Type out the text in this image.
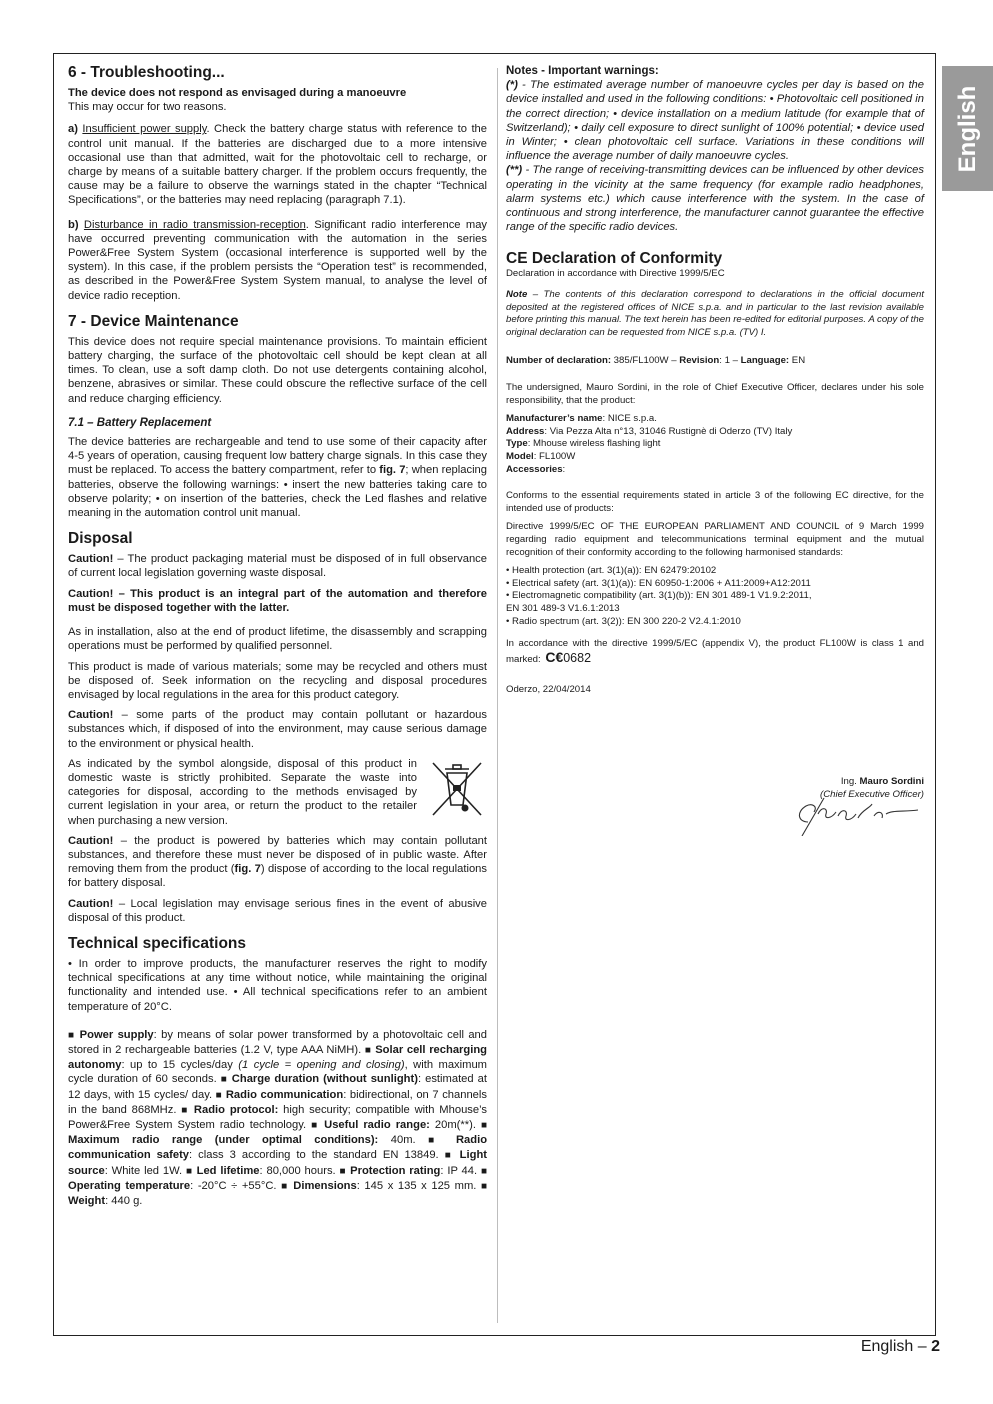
English
6 - Troubleshooting...

The device does not respond as envisaged during a manoeuvre
This may occur for two reasons.

a) Insufficient power supply. Check the battery charge status with reference to the control unit manual. If the batteries are discharged due to a more intensive occasional use than that admitted, wait for the photovoltaic cell to recharge, or charge by means of a suitable battery charger. If the problem occurs frequently, the cause may be a failure to observe the warnings stated in the chapter “Technical Specifications”, or the batteries may need replacing (paragraph 7.1).

b) Disturbance in radio transmission-reception. Significant radio interference may have occurred preventing communication with the automation in the series Power&Free System System (occasional interference is supported well by the system). In this case, if the problem persists the “Operation test” is recommended, as described in the Power&Free System System manual, to analyse the level of device radio reception.

7 - Device Maintenance

This device does not require special maintenance provisions. To maintain efficient battery charging, the surface of the photovoltaic cell should be kept clean at all times. To clean, use a soft damp cloth. Do not use detergents containing alcohol, benzene, abrasives or similar. These could obscure the reflective surface of the cell and reduce charging efficiency.

7.1 – Battery Replacement

The device batteries are rechargeable and tend to use some of their capacity after 4-5 years of operation, causing frequent low battery charge signals. In this case they must be replaced. To access the battery compartment, refer to fig. 7; when replacing batteries, observe the following warnings: • insert the new batteries taking care to observe polarity; • on insertion of the batteries, check the Led flashes and relative meaning in the automation control unit manual.

Disposal

Caution! – The product packaging material must be disposed of in full observance of current local legislation governing waste disposal.

Caution! – This product is an integral part of the automation and therefore must be disposed together with the latter.

As in installation, also at the end of product lifetime, the disassembly and scrapping operations must be performed by qualified personnel.

This product is made of various materials; some may be recycled and others must be disposed of. Seek information on the recycling and disposal procedures envisaged by local regulations in the area for this product category.

Caution! – some parts of the product may contain pollutant or hazardous substances which, if disposed of into the environment, may cause serious damage to the environment or physical health.

As indicated by the symbol alongside, disposal of this product in domestic waste is strictly prohibited. Separate the waste into categories for disposal, according to the methods envisaged by current legislation in your area, or return the product to the retailer when purchasing a new version.

Caution! – the product is powered by batteries which may contain pollutant substances, and therefore these must never be disposed of in public waste. After removing them from the product (fig. 7) dispose of according to the local regulations for battery disposal.

Caution! – Local legislation may envisage serious fines in the event of abusive disposal of this product.

Technical specifications

• In order to improve products, the manufacturer reserves the right to modify technical specifications at any time without notice, while maintaining the original functionality and intended use. • All technical specifications refer to an ambient temperature of 20°C.

■ Power supply: by means of solar power transformed by a photovoltaic cell and stored in 2 rechargeable batteries (1.2 V, type AAA NiMH). ■ Solar cell recharging autonomy: up to 15 cycles/day (1 cycle = opening and closing), with maximum cycle duration of 60 seconds. ■ Charge duration (without sunlight): estimated at 12 days, with 15 cycles/ day. ■ Radio communication: bidirectional, on 7 channels in the band 868MHz. ■ Radio protocol: high security; compatible with Mhouse’s Power&Free System System radio technology. ■ Useful radio range: 20m(**). ■ Maximum radio range (under optimal conditions): 40m. ■ Radio communication safety: class 3 according to the standard EN 13849. ■ Light source: White led 1W. ■ Led lifetime: 80,000 hours. ■ Protection rating: IP 44. ■ Operating temperature: -20°C ÷ +55°C. ■ Dimensions: 145 x 135 x 125 mm. ■ Weight: 440 g.

Notes - Important warnings:

(*) - The estimated average number of manoeuvre cycles per day is based on the device installed and used in the following conditions: • Photovoltaic cell positioned in the correct direction; • device installation on a medium latitude (for example that of Switzerland); • daily cell exposure to direct sunlight of 100% potential; • device used in Winter; • clean photovoltaic cell surface. Variations in these conditions will influence the average number of daily manoeuvre cycles.

(**) - The range of receiving-transmitting devices can be influenced by other devices operating in the vicinity at the same frequency (for example radio headphones, alarm systems etc.) which cause interference with the system. In the case of continuous and strong interference, the manufacturer cannot guarantee the effective range of the specific radio devices.

CE Declaration of Conformity

Declaration in accordance with Directive 1999/5/EC

Note – The contents of this declaration correspond to declarations in the official document deposited at the registered offices of NICE s.p.a. and in particular to the last revision available before printing this manual. The text herein has been re-edited for editorial purposes. A copy of the original declaration can be requested from NICE s.p.a. (TV) I.

Number of declaration: 385/FL100W – Revision: 1 – Language: EN

The undersigned, Mauro Sordini, in the role of Chief Executive Officer, declares under his sole responsibility, that the product:

Manufacturer’s name: NICE s.p.a.
Address: Via Pezza Alta n°13, 31046 Rustignè di Oderzo (TV) Italy
Type: Mhouse wireless flashing light
Model: FL100W
Accessories:

Conforms to the essential requirements stated in article 3 of the following EC directive, for the intended use of products:

Directive 1999/5/EC OF THE EUROPEAN PARLIAMENT AND COUNCIL of 9 March 1999 regarding radio equipment and telecommunications terminal equipment and the mutual recognition of their conformity according to the following harmonised standards:

• Health protection (art. 3(1)(a)): EN 62479:20102
• Electrical safety (art. 3(1)(a)): EN 60950-1:2006 + A11:2009+A12:2011
• Electromagnetic compatibility (art. 3(1)(b)): EN 301 489-1 V1.9.2:2011,
EN 301 489-3 V1.6.1:2013
• Radio spectrum (art. 3(2)): EN 300 220-2 V2.4.1:2010

In accordance with the directive 1999/5/EC (appendix V), the product FL100W is class 1 and marked: C€0682

Oderzo, 22/04/2014

Ing. Mauro Sordini
(Chief Executive Officer)
English – 2
